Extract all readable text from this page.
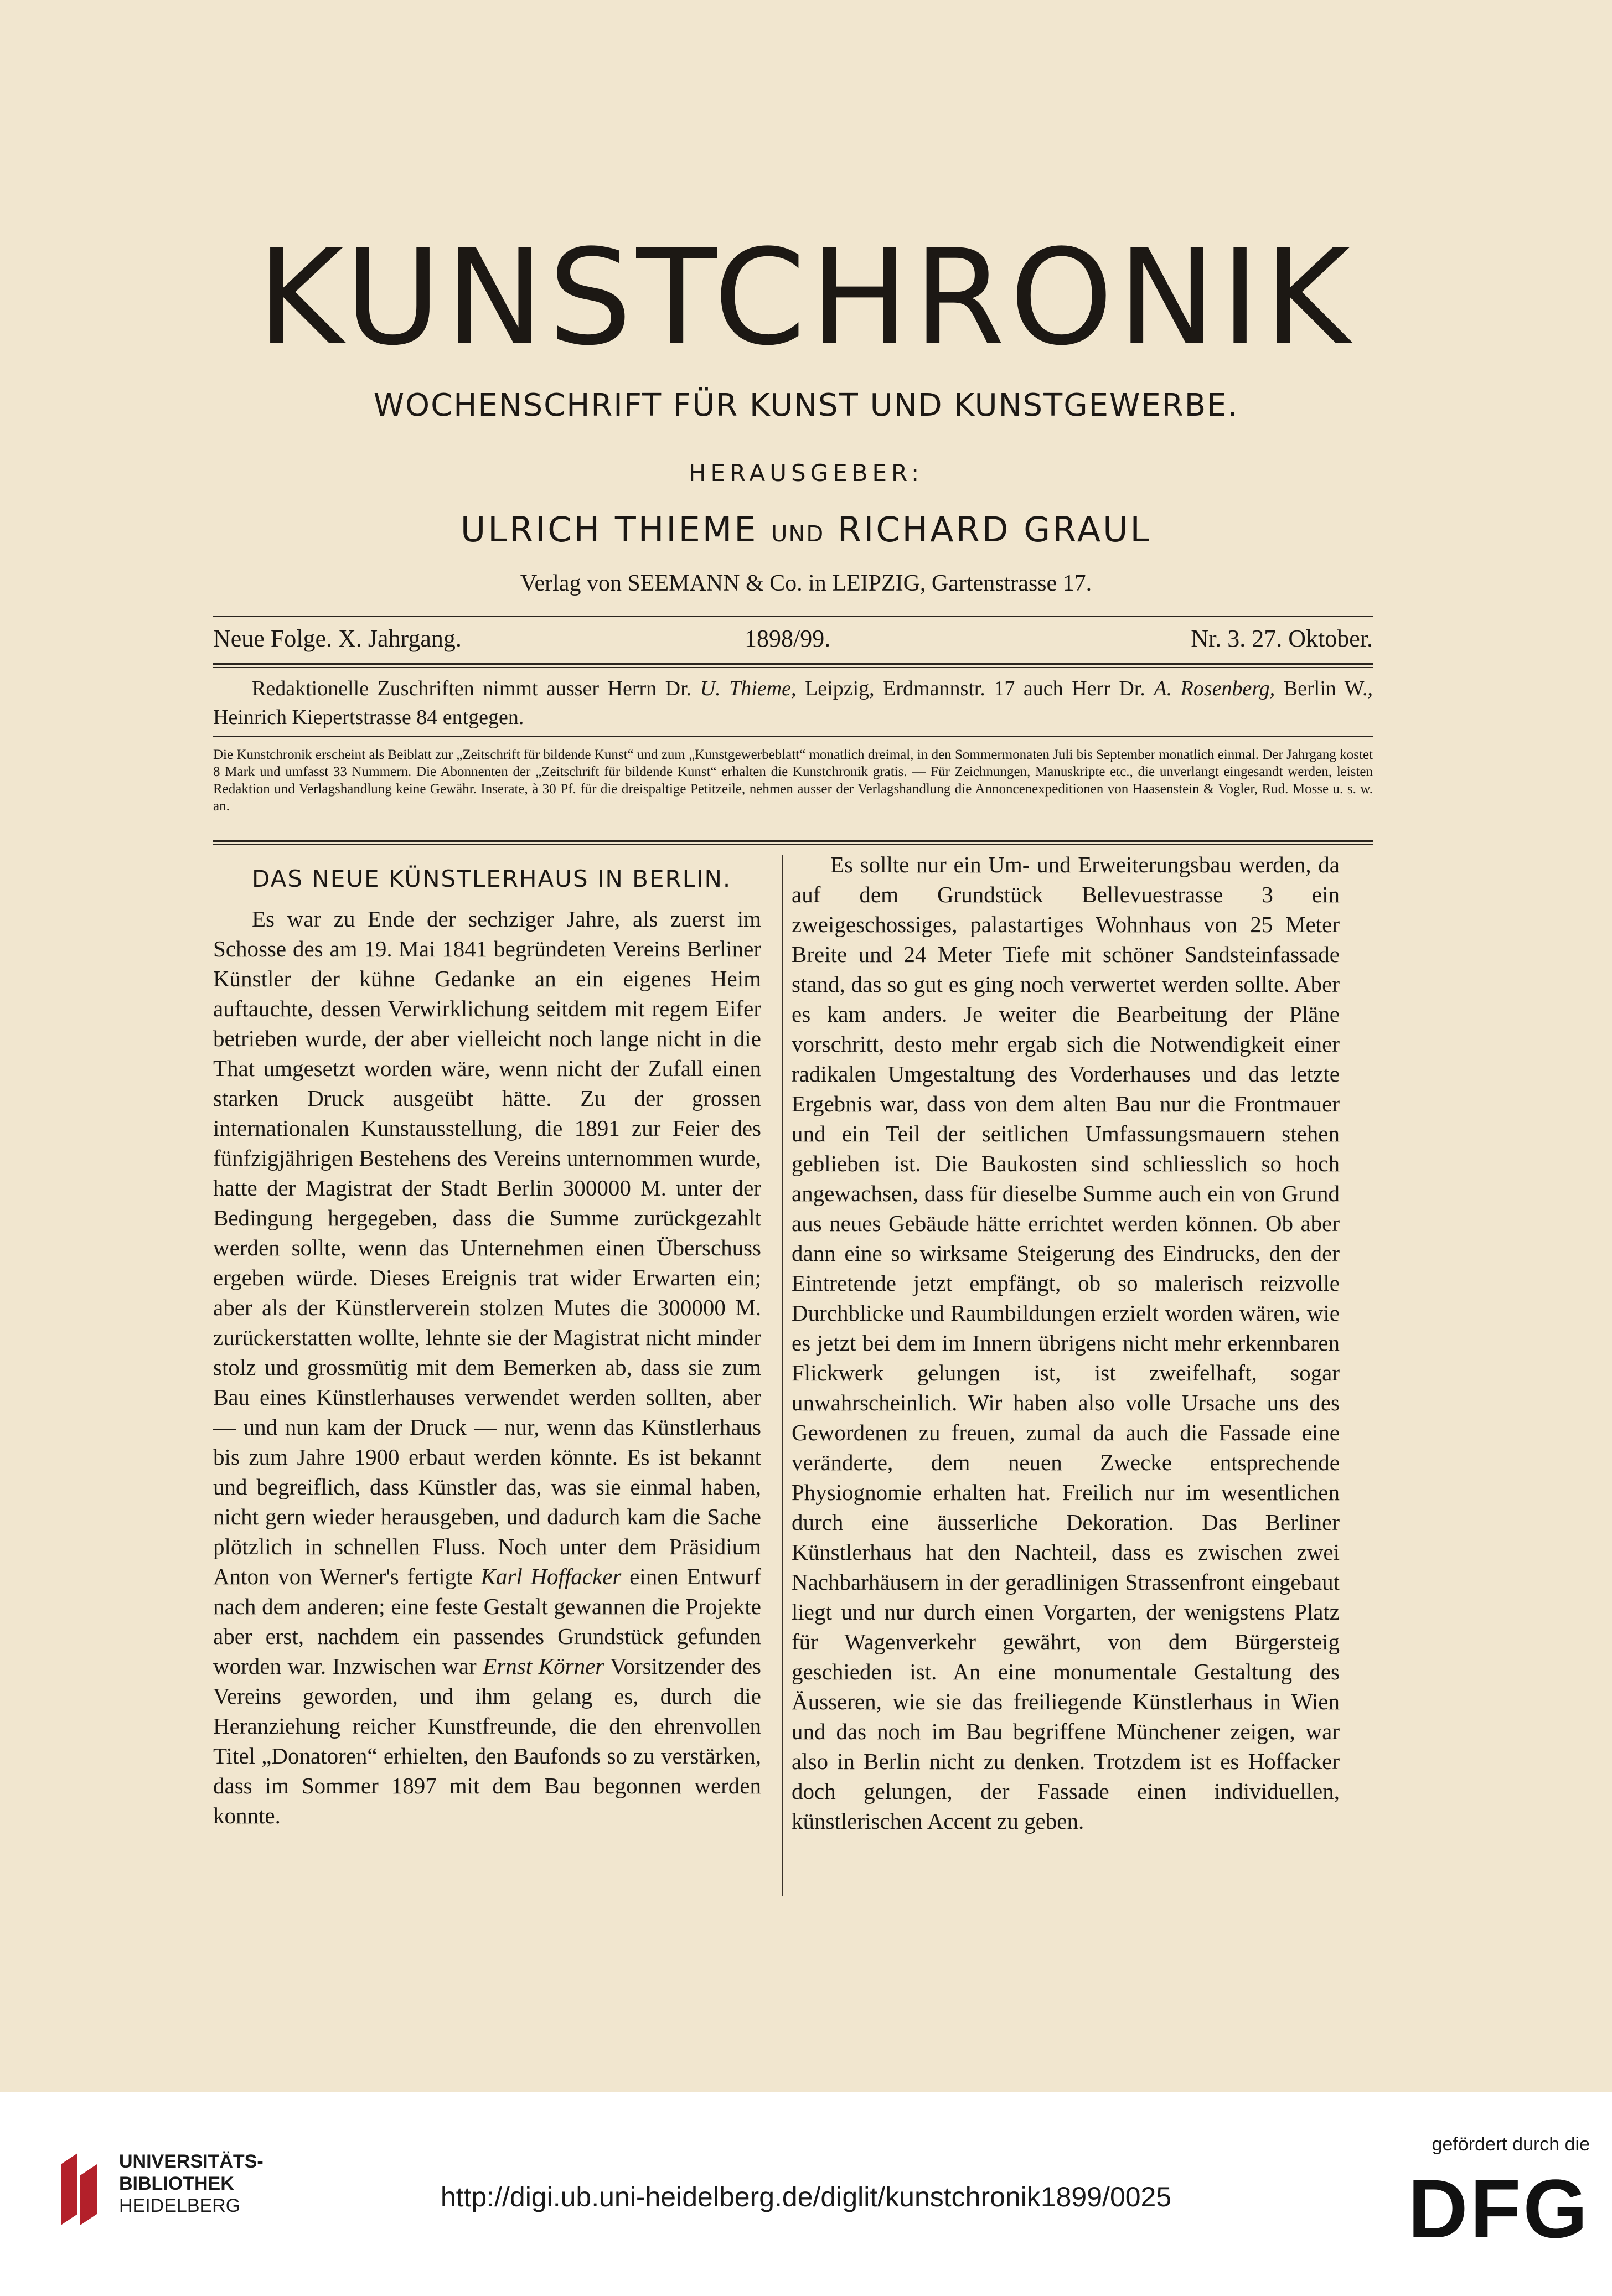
KUNSTCHRONIK
WOCHENSCHRIFT FÜR KUNST UND KUNSTGEWERBE.
HERAUSGEBER:
ULRICH THIEME UND RICHARD GRAUL
Verlag von SEEMANN & Co. in LEIPZIG, Gartenstrasse 17.
Neue Folge. X. Jahrgang.	1898/99.	Nr. 3. 27. Oktober.
Redaktionelle Zuschriften nimmt ausser Herrn Dr. U. Thieme, Leipzig, Erdmannstr. 17 auch Herr Dr. A. Rosenberg, Berlin W., Heinrich Kiepertstrasse 84 entgegen.
Die Kunstchronik erscheint als Beiblatt zur „Zeitschrift für bildende Kunst“ und zum „Kunstgewerbeblatt“ monatlich dreimal, in den Sommermonaten Juli bis September monatlich einmal. Der Jahrgang kostet 8 Mark und umfasst 33 Nummern. Die Abonnenten der „Zeitschrift für bildende Kunst“ erhalten die Kunstchronik gratis. — Für Zeichnungen, Manuskripte etc., die unverlangt eingesandt werden, leisten Redaktion und Verlagshandlung keine Gewähr. Inserate, à 30 Pf. für die dreispaltige Petitzeile, nehmen ausser der Verlagshandlung die Annoncenexpeditionen von Haasenstein & Vogler, Rud. Mosse u. s. w. an.
DAS NEUE KÜNSTLERHAUS IN BERLIN.

Es war zu Ende der sechziger Jahre, als zuerst im Schosse des am 19. Mai 1841 begründeten Vereins Berliner Künstler der kühne Gedanke an ein eigenes Heim auftauchte, dessen Verwirklichung seitdem mit regem Eifer betrieben wurde, der aber vielleicht noch lange nicht in die That umgesetzt worden wäre, wenn nicht der Zufall einen starken Druck ausgeübt hätte. Zu der grossen internationalen Kunstausstellung, die 1891 zur Feier des fünfzigjährigen Bestehens des Vereins unternommen wurde, hatte der Magistrat der Stadt Berlin 300000 M. unter der Bedingung hergegeben, dass die Summe zurückgezahlt werden sollte, wenn das Unternehmen einen Überschuss ergeben würde. Dieses Ereignis trat wider Erwarten ein; aber als der Künstlerverein stolzen Mutes die 300000 M. zurückerstatten wollte, lehnte sie der Magistrat nicht minder stolz und grossmütig mit dem Bemerken ab, dass sie zum Bau eines Künstlerhauses verwendet werden sollten, aber — und nun kam der Druck — nur, wenn das Künstlerhaus bis zum Jahre 1900 erbaut werden könnte. Es ist bekannt und begreiflich, dass Künstler das, was sie einmal haben, nicht gern wieder herausgeben, und dadurch kam die Sache plötzlich in schnellen Fluss. Noch unter dem Präsidium Anton von Werner's fertigte Karl Hoffacker einen Entwurf nach dem anderen; eine feste Gestalt gewannen die Projekte aber erst, nachdem ein passendes Grundstück gefunden worden war. Inzwischen war Ernst Körner Vorsitzender des Vereins geworden, und ihm gelang es, durch die Heranziehung reicher Kunstfreunde, die den ehrenvollen Titel „Donatoren“ erhielten, den Baufonds so zu verstärken, dass im Sommer 1897 mit dem Bau begonnen werden konnte.

Es sollte nur ein Um- und Erweiterungsbau werden, da auf dem Grundstück Bellevuestrasse 3 ein zweigeschossiges, palastartiges Wohnhaus von 25 Meter Breite und 24 Meter Tiefe mit schöner Sandsteinfassade stand, das so gut es ging noch verwertet werden sollte. Aber es kam anders. Je weiter die Bearbeitung der Pläne vorschritt, desto mehr ergab sich die Notwendigkeit einer radikalen Umgestaltung des Vorderhauses und das letzte Ergebnis war, dass von dem alten Bau nur die Frontmauer und ein Teil der seitlichen Umfassungsmauern stehen geblieben ist. Die Baukosten sind schliesslich so hoch angewachsen, dass für dieselbe Summe auch ein von Grund aus neues Gebäude hätte errichtet werden können. Ob aber dann eine so wirksame Steigerung des Eindrucks, den der Eintretende jetzt empfängt, ob so malerisch reizvolle Durchblicke und Raumbildungen erzielt worden wären, wie es jetzt bei dem im Innern übrigens nicht mehr erkennbaren Flickwerk gelungen ist, ist zweifelhaft, sogar unwahrscheinlich. Wir haben also volle Ursache uns des Gewordenen zu freuen, zumal da auch die Fassade eine veränderte, dem neuen Zwecke entsprechende Physiognomie erhalten hat. Freilich nur im wesentlichen durch eine äusserliche Dekoration. Das Berliner Künstlerhaus hat den Nachteil, dass es zwischen zwei Nachbarhäusern in der geradlinigen Strassenfront eingebaut liegt und nur durch einen Vorgarten, der wenigstens Platz für Wagenverkehr gewährt, von dem Bürgersteig geschieden ist. An eine monumentale Gestaltung des Äusseren, wie sie das freiliegende Künstlerhaus in Wien und das noch im Bau begriffene Münchener zeigen, war also in Berlin nicht zu denken. Trotzdem ist es Hoffacker doch gelungen, der Fassade einen individuellen, künstlerischen Accent zu geben.

UNIVERSITÄTS-
BIBLIOTHEK
HEIDELBERG	http://digi.ub.uni-heidelberg.de/diglit/kunstchronik1899/0025
gefördert durch die
DFG
